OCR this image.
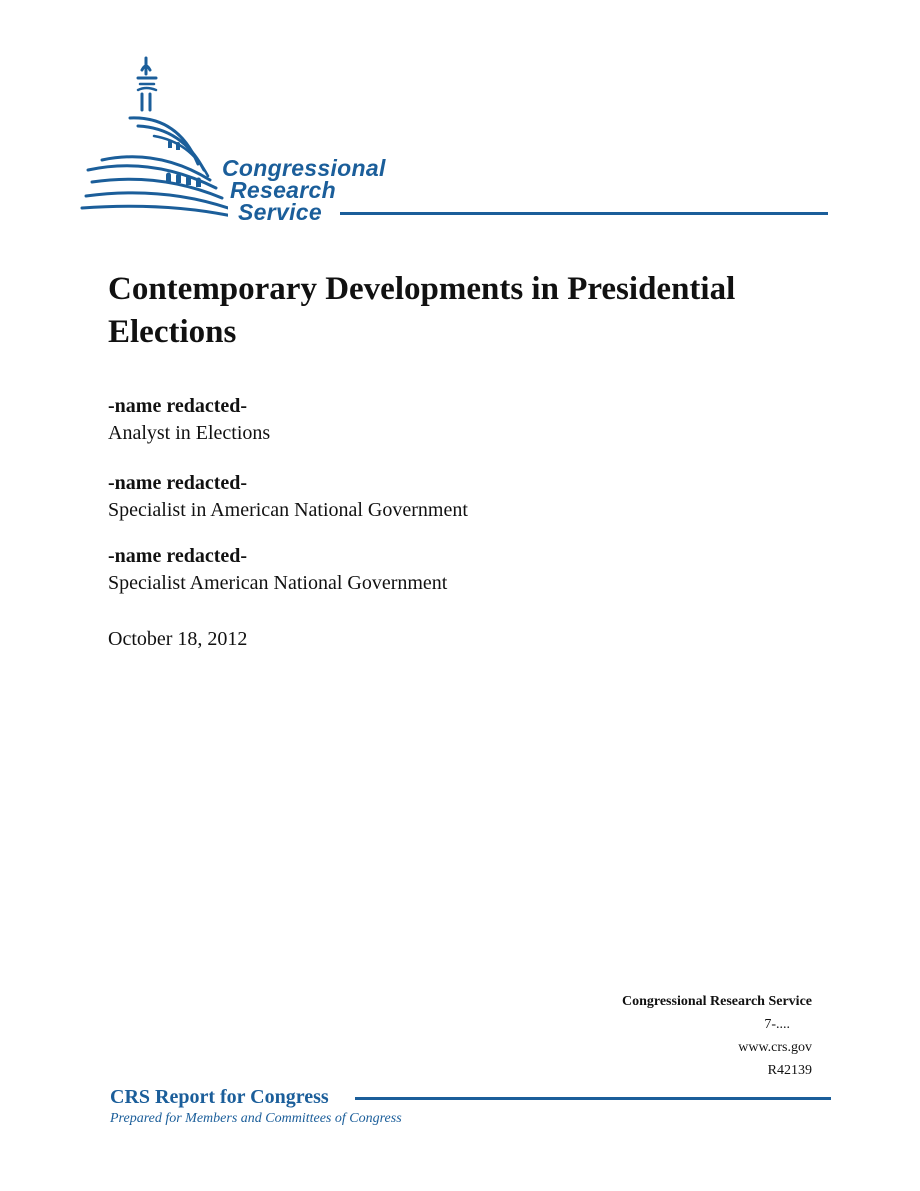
Congressional
Research
Service
Contemporary Developments in Presidential Elections
-name redacted-
Analyst in Elections
-name redacted-
Specialist in American National Government
-name redacted-
Specialist American National Government
October 18, 2012
Congressional Research Service
7-....
www.crs.gov
R42139
CRS Report for Congress
Prepared for Members and Committees of Congress
